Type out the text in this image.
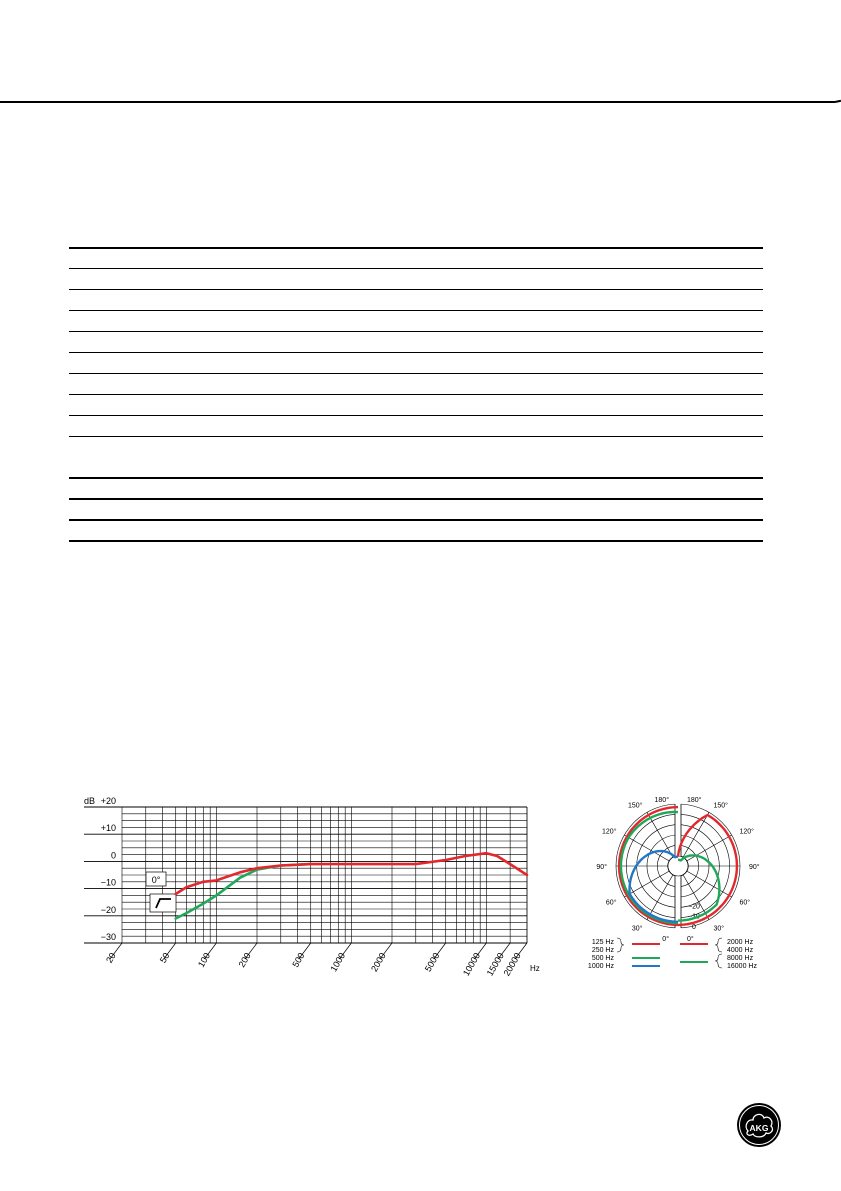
+20
+10
0
−10
−20
−30
dB
20	50	100	200	500 1000 2000	5000 10000 15000
20000 Hz
0°
180°	180°
150°	150°
120°	120°
90°	90°
60°	60°
30°	30°
0°	0°
0
−10
−20
125 Hz
250 Hz
500 Hz
1000 Hz
2000 Hz
4000 Hz
8000 Hz
16000 Hz
AKG
